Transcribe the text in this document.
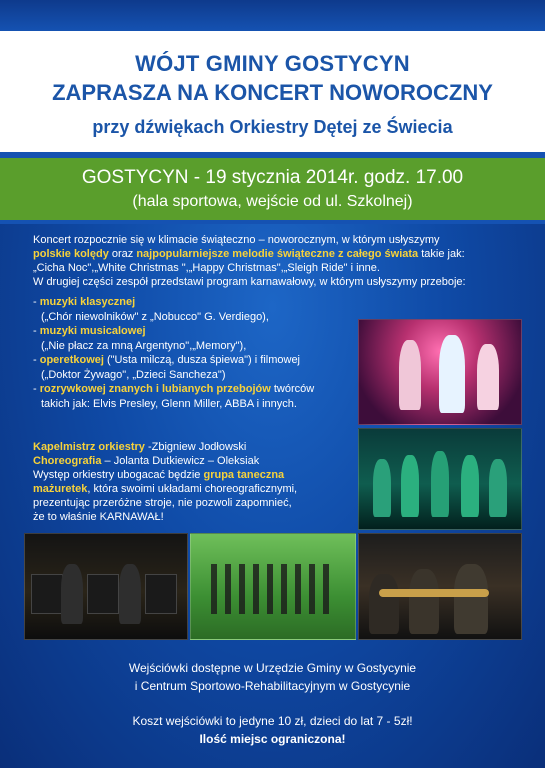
WÓJT GMINY GOSTYCYN
ZAPRASZA NA KONCERT NOWOROCZNY
przy dźwiękach Orkiestry Dętej ze Świecia
GOSTYCYN - 19 stycznia 2014r. godz. 17.00
(hala sportowa, wejście od ul. Szkolnej)
Koncert rozpocznie się w klimacie świąteczno – noworocznym, w którym usłyszymy
polskie kolędy oraz najpopularniejsze melodie świąteczne z całego świata takie jak:
„Cicha Noc",„White Christmas ",„Happy Christmas",„Sleigh Ride" i inne.
W drugiej części zespół przedstawi program karnawałowy, w którym usłyszymy przeboje:
- muzyki klasycznej
(„Chór niewolników" z „Nobucco" G. Verdiego),
- muzyki musicalowej
(„Nie płacz za mną Argentyno",„Memory"),
- operetkowej ("Usta milczą, dusza śpiewa") i filmowej
(„Doktor Żywago", „Dzieci Sancheza")
- rozrywkowej znanych i lubianych przebojów twórców
takich jak: Elvis Presley, Glenn Miller, ABBA i innych.
Kapelmistrz orkiestry -Zbigniew Jodłowski
Choreografia – Jolanta Dutkiewicz – Oleksiak
Występ orkiestry ubogacać będzie grupa taneczna
mażuretek, która swoimi układami choreograficznymi,
prezentując przeróżne stroje, nie pozwoli zapomnieć,
że to właśnie KARNAWAŁ!
Wejściówki dostępne w Urzędzie Gminy w Gostycynie
i Centrum Sportowo-Rehabilitacyjnym w Gostycynie
Koszt wejściówki to jedyne 10 zł, dzieci do lat 7 - 5zł!
Ilość miejsc ograniczona!
